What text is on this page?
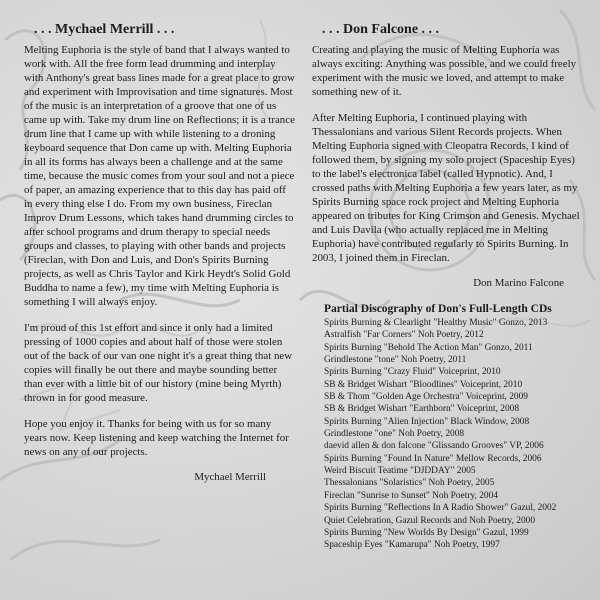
. . . Mychael Merrill . . .

Melting Euphoria is the style of band that I always wanted to work with. All the free form lead drumming and interplay with Anthony's great bass lines made for a great place to grow and experiment with Improvisation and time signatures. Most of the music is an interpretation of a groove that one of us came up with. Take my drum line on Reflections; it is a trance drum line that I came up with while listening to a droning keyboard sequence that Don came up with. Melting Euphoria in all its forms has always been a challenge and at the same time, because the music comes from your soul and not a piece of paper, an amazing experience that to this day has paid off in every thing else I do. From my own business, Fireclan Improv Drum Lessons, which takes hand drumming circles to after school programs and drum therapy to special needs groups and classes, to playing with other bands and projects (Fireclan, with Don and Luis, and Don's Spirits Burning projects, as well as Chris Taylor and Kirk Heydt's Solid Gold Buddha to name a few), my time with Melting Euphoria is something I will always enjoy.

I'm proud of this 1st effort and since it only had a limited pressing of 1000 copies and about half of those were stolen out of the back of our van one night it's a great thing that new copies will finally be out there and maybe sounding better than ever with a little bit of our history (mine being Myrth) thrown in for good measure.

Hope you enjoy it. Thanks for being with us for so many years now. Keep listening and keep watching the Internet for news on any of our projects.

Mychael Merrill

. . . Don Falcone . . .

Creating and playing the music of Melting Euphoria was always exciting: Anything was possible, and we could freely experiment with the music we loved, and attempt to make something new of it.

After Melting Euphoria, I continued playing with Thessalonians and various Silent Records projects. When Melting Euphoria signed with Cleopatra Records, I kind of followed them, by signing my solo project (Spaceship Eyes) to the label's electronica label (called Hypnotic). And, I crossed paths with Melting Euphoria a few years later, as my Spirits Burning space rock project and Melting Euphoria appeared on tributes for King Crimson and Genesis. Mychael and Luis Davila (who actually replaced me in Melting Euphoria) have contributed regularly to Spirits Burning. In 2003, I joined them in Fireclan.

Don Marino Falcone

Partial Discography of Don's Full-Length CDs
Spirits Burning & Clearlight "Healthy Music" Gonzo, 2013
Astralfish "Far Corners" Noh Poetry, 2012
Spirits Burning "Behold The Action Man" Gonzo, 2011
Grindlestone "tone" Noh Poetry, 2011
Spirits Burning "Crazy Fluid" Voiceprint, 2010
SB & Bridget Wishart "Bloodlines" Voiceprint, 2010
SB & Thom "Golden Age Orchestra" Voiceprint, 2009
SB & Bridget Wishart "Earthborn" Voiceprint, 2008
Spirits Burning "Alien Injection" Black Window, 2008
Grindlestone "one" Noh Poetry, 2008
daevid allen & don falcone "Glissando Grooves" VP, 2006
Spirits Burning "Found In Nature" Mellow Records, 2006
Weird Biscuit Teatime "DJDDAY" 2005
Thessalonians "Solaristics" Noh Poetry, 2005
Fireclan "Sunrise to Sunset" Noh Poetry, 2004
Spirits Burning "Reflections In A Radio Shower" Gazul, 2002
Quiet Celebration, Gazul Records and Noh Poetry, 2000
Spirits Burning "New Worlds By Design" Gazul, 1999
Spaceship Eyes "Kamarupa" Noh Poetry, 1997
